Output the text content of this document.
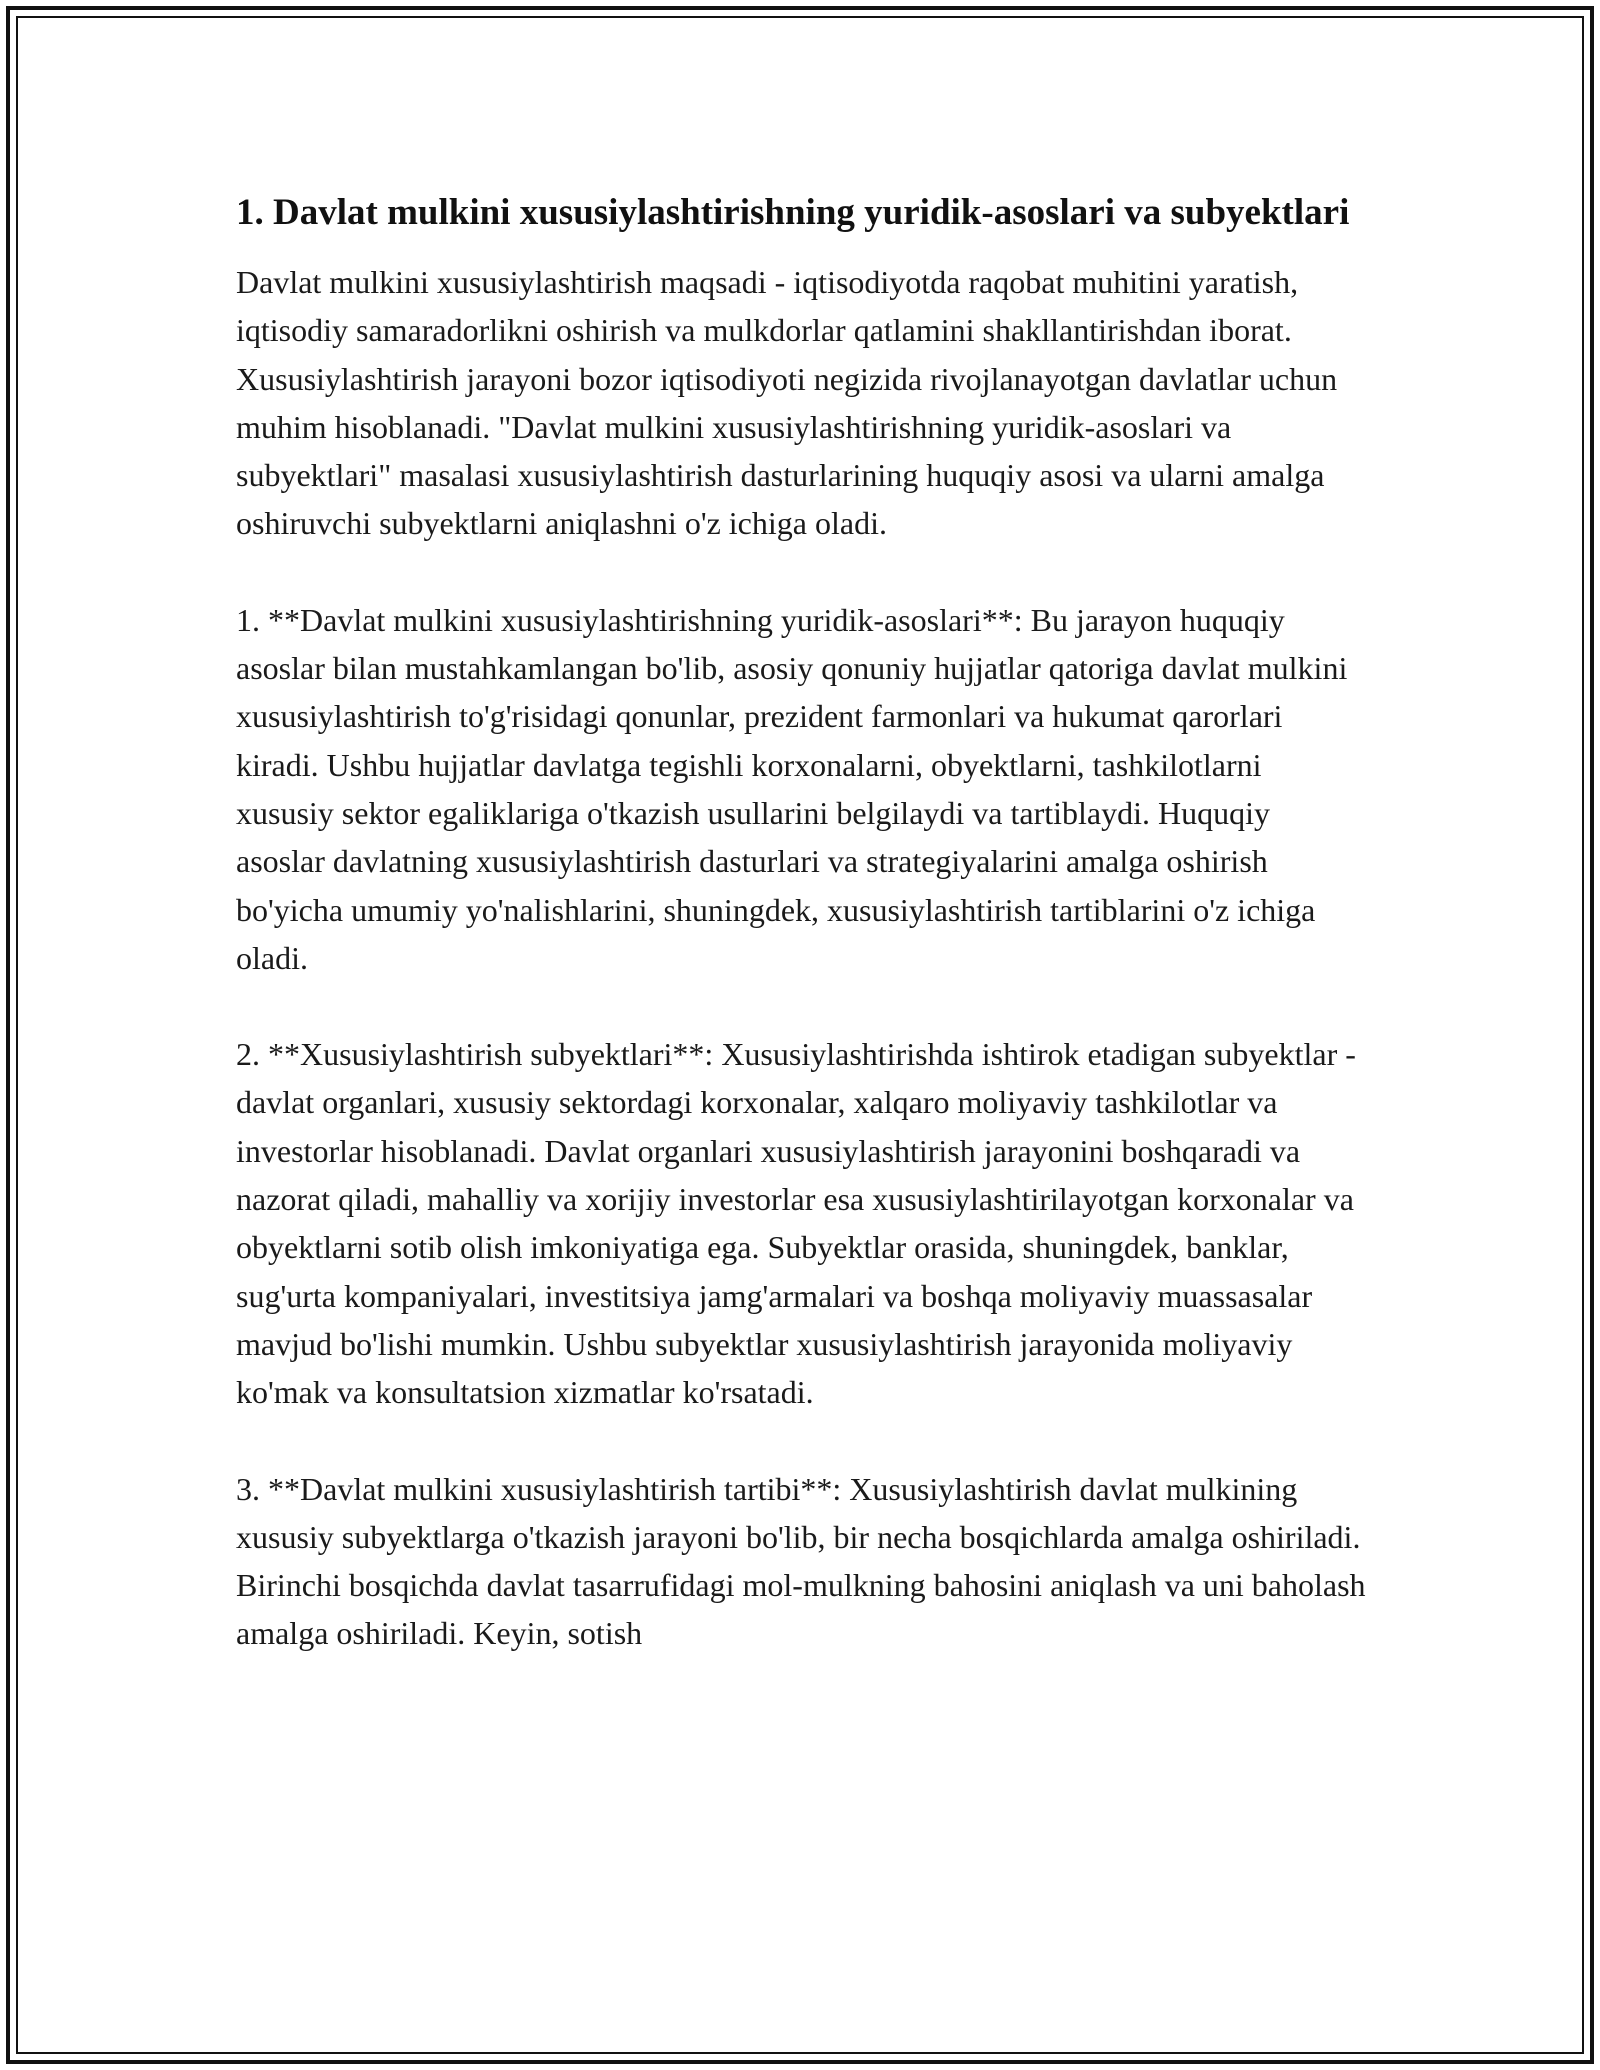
1. Davlat mulkini xususiylashtirishning yuridik-asoslari va subyektlari

Davlat mulkini xususiylashtirish maqsadi - iqtisodiyotda raqobat muhitini yaratish, iqtisodiy samaradorlikni oshirish va mulkdorlar qatlamini shakllantirishdan iborat. Xususiylashtirish jarayoni bozor iqtisodiyoti negizida rivojlanayotgan davlatlar uchun muhim hisoblanadi. "Davlat mulkini xususiylashtirishning yuridik-asoslari va subyektlari" masalasi xususiylashtirish dasturlarining huquqiy asosi va ularni amalga oshiruvchi subyektlarni aniqlashni o'z ichiga oladi.

1. **Davlat mulkini xususiylashtirishning yuridik-asoslari**: Bu jarayon huquqiy asoslar bilan mustahkamlangan bo'lib, asosiy qonuniy hujjatlar qatoriga davlat mulkini xususiylashtirish to'g'risidagi qonunlar, prezident farmonlari va hukumat qarorlari kiradi. Ushbu hujjatlar davlatga tegishli korxonalarni, obyektlarni, tashkilotlarni xususiy sektor egaliklariga o'tkazish usullarini belgilaydi va tartiblaydi. Huquqiy asoslar davlatning xususiylashtirish dasturlari va strategiyalarini amalga oshirish bo'yicha umumiy yo'nalishlarini, shuningdek, xususiylashtirish tartiblarini o'z ichiga oladi.

2. **Xususiylashtirish subyektlari**: Xususiylashtirishda ishtirok etadigan subyektlar - davlat organlari, xususiy sektordagi korxonalar, xalqaro moliyaviy tashkilotlar va investorlar hisoblanadi. Davlat organlari xususiylashtirish jarayonini boshqaradi va nazorat qiladi, mahalliy va xorijiy investorlar esa xususiylashtirilayotgan korxonalar va obyektlarni sotib olish imkoniyatiga ega. Subyektlar orasida, shuningdek, banklar, sug'urta kompaniyalari, investitsiya jamg'armalari va boshqa moliyaviy muassasalar mavjud bo'lishi mumkin. Ushbu subyektlar xususiylashtirish jarayonida moliyaviy ko'mak va konsultatsion xizmatlar ko'rsatadi.

3. **Davlat mulkini xususiylashtirish tartibi**: Xususiylashtirish davlat mulkining xususiy subyektlarga o'tkazish jarayoni bo'lib, bir necha bosqichlarda amalga oshiriladi. Birinchi bosqichda davlat tasarrufidagi mol-mulkning bahosini aniqlash va uni baholash amalga oshiriladi. Keyin, sotish
